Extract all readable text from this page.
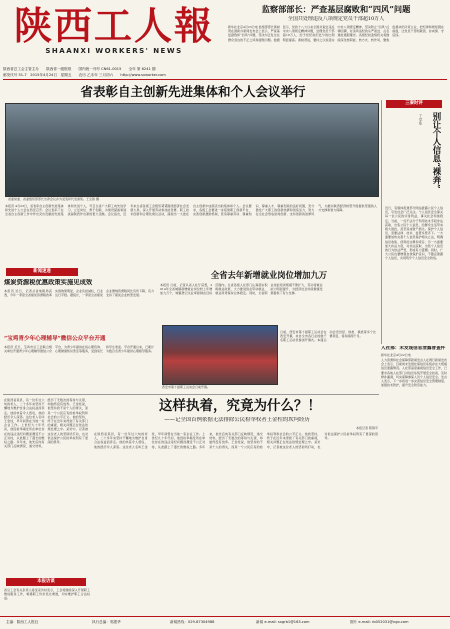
陕西工人報
SHAANXI WORKERS' NEWS
陕西省总工会主管主办　　陕西省一级报纸　　国内统一刊号 CN61-0015　　全年 第 6241 期
邮发代号 51-7　2015年4月24日　星期五　　农历 乙未年 三月初六　　http://www.sxworker.com
监察部部长：严查基层腐败和“四风”问题
全国共处理违反八项规定党员干部超10万人
新华社北京4月23日电 监察部部长黄树贤在国新办新闻发布会上表示，严查基层腐败和“四风”问题，坚决纠正发生在群众身边的不正之风和腐败问题。数据显示，党的十八大以来全国共查处违反中央八项规定精神问题，处理党员干部超10万人，给予党纪政纪处分的比例明显提高。黄树贤说，要持之以恒落实中央八项规定精神，坚决防止“四风”反弹回潮，对顶风违纪的从严查处、点名道姓通报曝光。各级纪检监察机关将继续深化转职能、转方式、转作风，聚焦监督执纪问责主业，把纪律和规矩挺在前面，让党员干部知敬畏、存戒惧、守底线。
省表彰自主创新先进集体和个人会议举行
省委常委、省委组织部部长出席会议并为受表彰代表颁奖。王全锋 摄
本报讯 4月23日，省表彰自主创新先进集体和先进个人大会在西安召开。会议表彰了在全省自主创新工作中作出突出贡献的先进集体和先进个人，号召全省广大职工向先进学习，立足岗位、勇于创新，为建设富裕和谐美丽陕西作出新的更大贡献。会议指出，近年来全省各级工会组织紧紧围绕经济社会发展大局，深入开展劳动和技能竞赛、职工技术创新和合理化建议活动，涌现出一大批在自主创新中成绩突出的集体和个人。会议要求，各级工会要进一步搭建职工创新平台，完善创新激励机制，营造尊重劳动、尊重知识、尊重人才、尊重创造的良好氛围，充分激发广大职工的创新热情和创造活力，努力在全社会形成崇尚创新、支持创新的浓厚风气，为推动陕西经济转型升级提供坚强的人才支撑和智力保障。
三秦时评
别让个人信息“裸奔”
丁学东
近日，有媒体报道部分网站泄露公民个人信息，引发社会广泛关注。个人信息安全事关每一位公民的切身利益，事关社会和谐稳定。当前，一些不法分子利用技术手段非法获取、出售公民个人信息，给群众生活带来极大困扰，甚至造成财产损失。保护个人信息，需要法律、技术、监管多管齐下。一方面要加快完善个人信息保护相关立法，明确信息收集、使用的边界和责任；另一方面要加大执法力度，对非法获取、出售个人信息的行为依法严惩，形成有力震慑。同时，广大公民也要增强自我保护意识，不随意泄露个人信息，共同筑牢个人信息安全防线。
新闻速递
煤炭资源税优惠政策实施见成效
本报讯 近日，记者从省地税局获悉，今年一季度全省煤炭资源税改革实施效果明显，企业负担减轻，行业运行平稳。据统计，一季度全省煤炭企业缴纳资源税同比有所下降，有力支持了煤炭企业转型发展。
“宝鸡青少年心理辅导”微信公众平台开通
本报讯 近日，宝鸡市总工会联合相关单位开通青少年心理辅导微信公众平台，为青少年提供在线心理咨询、心理健康知识普及等服务，受到家长和学生欢迎。平台开通以来，已累计为数百名青少年提供心理疏导服务。
全省去年新增就业岗位增加九万
本报讯 日前，记者从省人社厅获悉，2014年全省城镇新增就业岗位较上年增加九万个，城镇登记失业率控制在目标范围内。全省各级人社部门认真落实积极就业政策，大力推进创业带动就业，就业局势保持总体稳定。同时，全省职业技能培训规模不断扩大，劳动者就业能力明显提升，为经济社会持续健康发展提供了有力支撑。
日前，西安市第十届职工运动会在西安开幕，来自全市各行业的数千名职工运动员参加开幕式。本届运动会设田径、球类、棋类等多个比赛项目，将持续两个月。
西安市第十届职工运动会日前开幕。
人社部：未发现信息泄露普查件
新华社北京4月22日电
人力资源和社会保障部新闻发言人在例行新闻发布会上表示，目前尚未发现社保信息系统存在大规模信息泄露情况。人社部高度重视信息安全工作，已要求各地人社部门对信息系统开展安全检查，及时修补漏洞，切实保障参保人员个人信息安全。发言人表示，下一步将进一步完善信息安全管理制度，加强技术防护，提升安全防范能力。
这样执着，究竟为什么？！
——记全国首例依据无法排除公民检举权者王金柱的坎坷经历
本报记者 陈锦平
在陕西省某县，有一位年过六旬的老人，二十多年来坚持不懈地为维护自身合法权益而奔走。他的执着令人感叹，他的经历令人深思。这位老人名叫王金柱，早年间曾在当地一家企业工作。上世纪九十年代初，他因检举揭发所在单位存在的违法违纪问题而遭受不公正对待，从此踏上了漫长的维权之路。多年来，他先后向有关部门反映情况，递交材料，经历了无数次的等待与失望，却始终没有放弃。王金柱说，他坚持的不是个人的得失，而是一个公民应有的检举权利和社会的公平正义。他的坚持，终于在近年来得到了有关部门的重视，相关问题正在依法依规处理之中。采访中，记者被这位老人的坚韧所打动，也对依法保护公民检举权利有了更深的思考。
在陕西省某县，有一位年过六旬的老人，二十多年来坚持不懈地为维护自身合法权益而奔走。他的执着令人感叹，他的经历令人深思。这位老人名叫王金柱，早年间曾在当地一家企业工作。上世纪九十年代初，他因检举揭发所在单位存在的违法违纪问题而遭受不公正对待，从此踏上了漫长的维权之路。多年来，他先后向有关部门反映情况，递交材料，经历了无数次的等待与失望，却始终没有放弃。王金柱说，他坚持的不是个人的得失，而是一个公民应有的检举权利和社会的公平正义。他的坚持，终于在近年来得到了有关部门的重视，相关问题正在依法依规处理之中。采访中，记者被这位老人的坚韧所打动，也对依法保护公民检举权利有了更深的思考。
本报访谈
省总工会有关负责人接受采访时表示，工会将继续深入开展职工维权服务工作，畅通职工诉求表达渠道，切实维护职工合法权益。
主编：陕西工人报社	执行总编：郭建华	新闻热线：029-87304988	新闻 e-mail: sxgrb1@163.com	图片 e-mail: rb052031@ngo.com
